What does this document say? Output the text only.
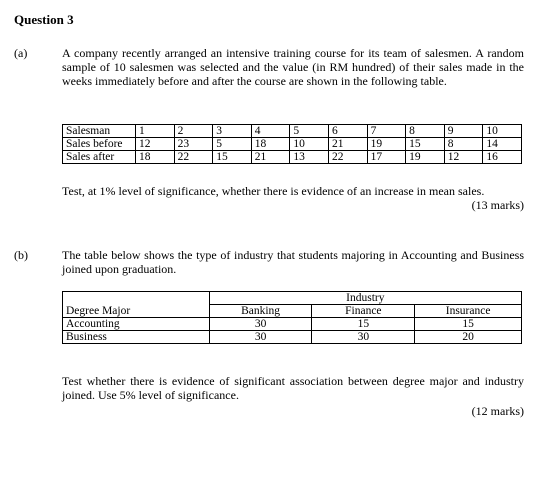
Question 3
(a)	A company recently arranged an intensive training course for its team of salesmen. A random sample of 10 salesmen was selected and the value (in RM hundred) of their sales made in the weeks immediately before and after the course are shown in the following table.
Salesman	1	2	3	4	5	6	7	8	9	10
Sales before	12	23	5	18	10	21	19	15	8	14
Sales after	18	22	15	21	13	22	17	19	12	16
Test, at 1% level of significance, whether there is evidence of an increase in mean sales.
(13 marks)
(b)	The table below shows the type of industry that students majoring in Accounting and Business joined upon graduation.
	Industry		
Degree Major	Banking	Finance	Insurance
Accounting	30	15	15
Business	30	30	20
Test whether there is evidence of significant association between degree major and industry joined. Use 5% level of significance.
(12 marks)
